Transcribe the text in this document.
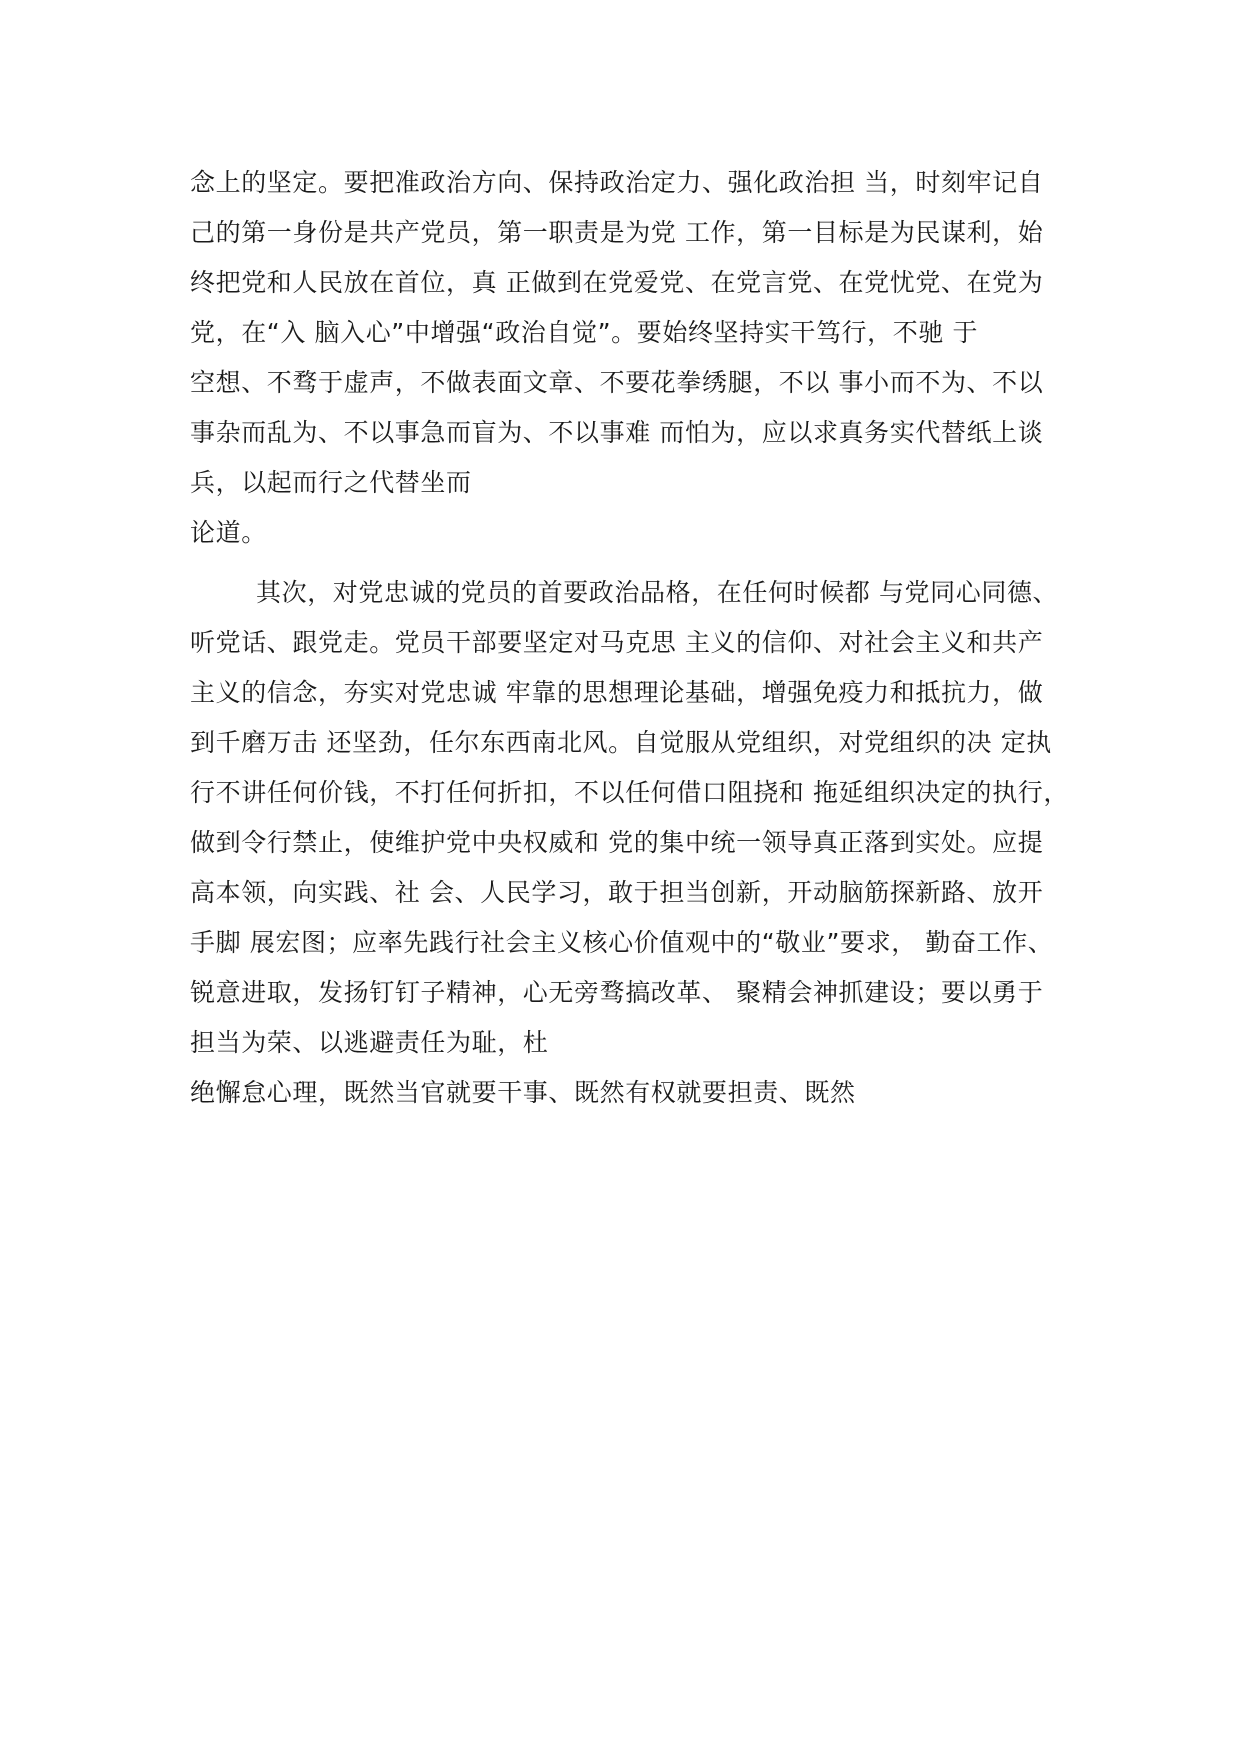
念上的坚定。要把准政治方向、保持政治定力、强化政治担 当，时刻牢记自
己的第一身份是共产党员，第一职责是为党 工作，第一目标是为民谋利，始
终把党和人民放在首位，真 正做到在党爱党、在党言党、在党忧党、在党为
党，在“入 脑入心”中增强“政治自觉”。要始终坚持实干笃行，不驰 于
空想、不骛于虚声，不做表面文章、不要花拳绣腿，不以 事小而不为、不以
事杂而乱为、不以事急而盲为、不以事难 而怕为，应以求真务实代替纸上谈
兵，以起而行之代替坐而
论道。
其次，对党忠诚的党员的首要政治品格，在任何时候都 与党同心同德、
听党话、跟党走。党员干部要坚定对马克思 主义的信仰、对社会主义和共产
主义的信念，夯实对党忠诚 牢靠的思想理论基础，增强免疫力和抵抗力，做
到千磨万击 还坚劲，任尔东西南北风。自觉服从党组织，对党组织的决 定执
行不讲任何价钱，不打任何折扣，不以任何借口阻挠和 拖延组织决定的执行，
做到令行禁止，使维护党中央权威和 党的集中统一领导真正落到实处。应提
高本领，向实践、社 会、人民学习，敢于担当创新，开动脑筋探新路、放开
手脚 展宏图；应率先践行社会主义核心价值观中的“敬业”要求， 勤奋工作、
锐意进取，发扬钉钉子精神，心无旁骛搞改革、 聚精会神抓建设；要以勇于
担当为荣、以逃避责任为耻，杜
绝懈怠心理，既然当官就要干事、既然有权就要担责、既然
